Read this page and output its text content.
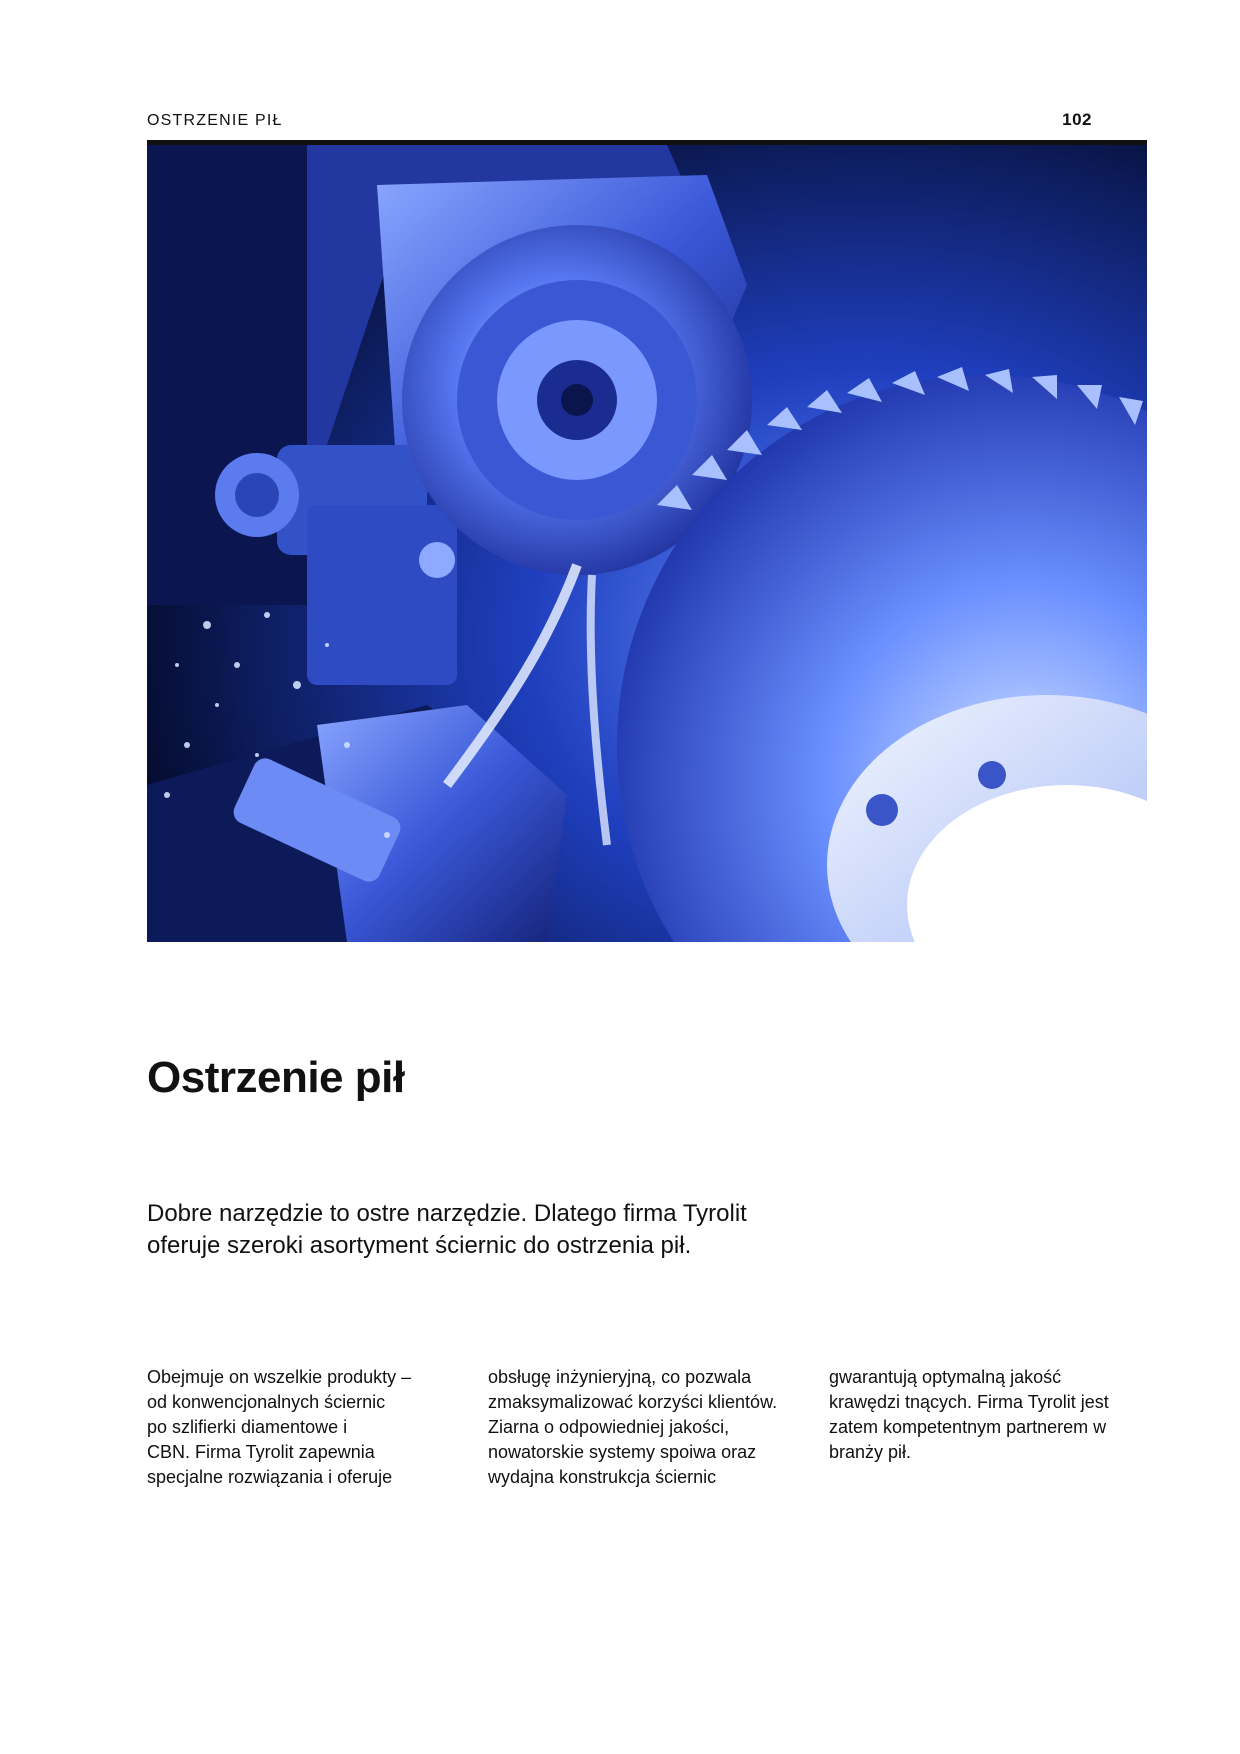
OSTRZENIE PIŁ	102
Ostrzenie pił
Dobre narzędzie to ostre narzędzie. Dlatego firma Tyrolit
oferuje szeroki asortyment ściernic do ostrzenia pił.
Obejmuje on wszelkie produkty –
od konwencjonalnych ściernic
po szlifierki diamentowe i
CBN. Firma Tyrolit zapewnia
specjalne rozwiązania i oferuje
obsługę inżynieryjną, co pozwala
zmaksymalizować korzyści klientów.
Ziarna o odpowiedniej jakości,
nowatorskie systemy spoiwa oraz
wydajna konstrukcja ściernic
gwarantują optymalną jakość
krawędzi tnących. Firma Tyrolit jest
zatem kompetentnym partnerem w
branży pił.
